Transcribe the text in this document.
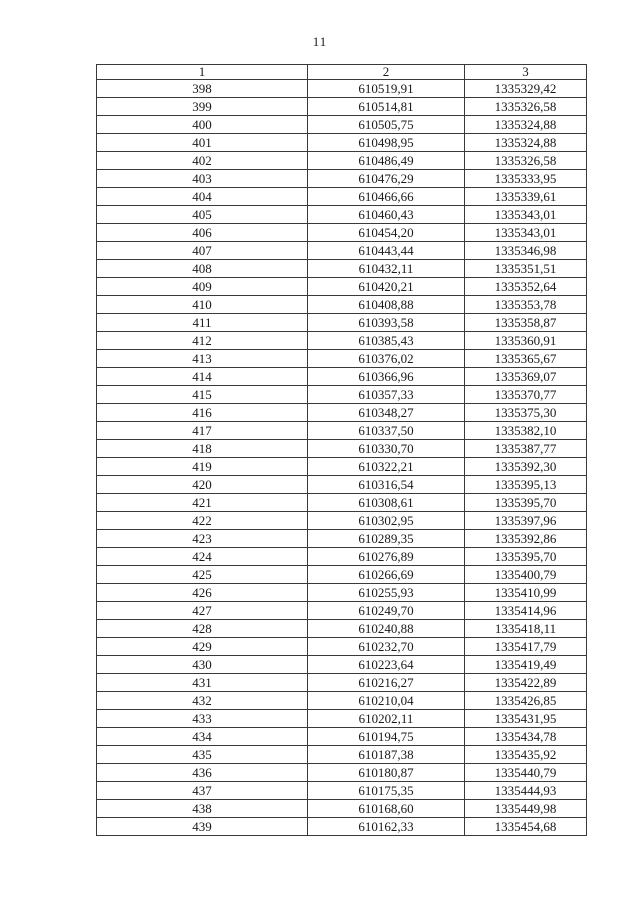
11
1	2	3
398	610519,91	1335329,42
399	610514,81	1335326,58
400	610505,75	1335324,88
401	610498,95	1335324,88
402	610486,49	1335326,58
403	610476,29	1335333,95
404	610466,66	1335339,61
405	610460,43	1335343,01
406	610454,20	1335343,01
407	610443,44	1335346,98
408	610432,11	1335351,51
409	610420,21	1335352,64
410	610408,88	1335353,78
411	610393,58	1335358,87
412	610385,43	1335360,91
413	610376,02	1335365,67
414	610366,96	1335369,07
415	610357,33	1335370,77
416	610348,27	1335375,30
417	610337,50	1335382,10
418	610330,70	1335387,77
419	610322,21	1335392,30
420	610316,54	1335395,13
421	610308,61	1335395,70
422	610302,95	1335397,96
423	610289,35	1335392,86
424	610276,89	1335395,70
425	610266,69	1335400,79
426	610255,93	1335410,99
427	610249,70	1335414,96
428	610240,88	1335418,11
429	610232,70	1335417,79
430	610223,64	1335419,49
431	610216,27	1335422,89
432	610210,04	1335426,85
433	610202,11	1335431,95
434	610194,75	1335434,78
435	610187,38	1335435,92
436	610180,87	1335440,79
437	610175,35	1335444,93
438	610168,60	1335449,98
439	610162,33	1335454,68
